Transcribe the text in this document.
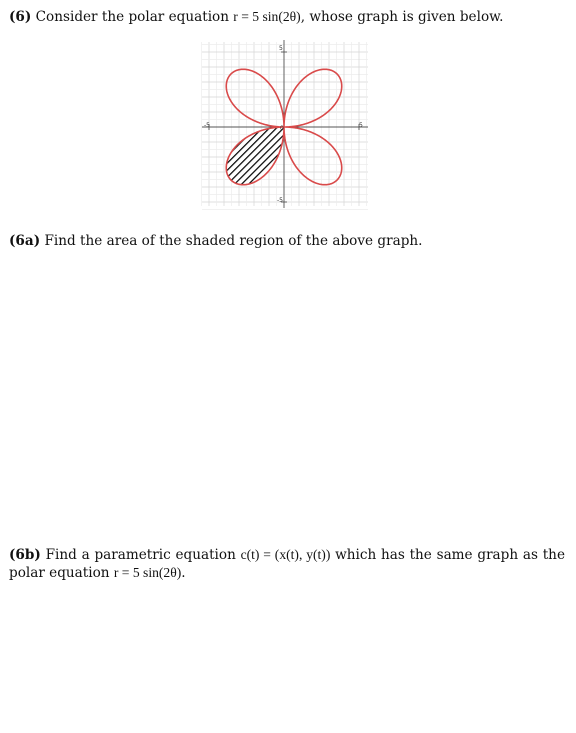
(6) Consider the polar equation r = 5 sin(2θ), whose graph is given below.
-5	5
5
-5
0
(6a) Find the area of the shaded region of the above graph.
(6b) Find a parametric equation c(t) = (x(t), y(t)) which has the same graph as the polar equation r = 5 sin(2θ).
